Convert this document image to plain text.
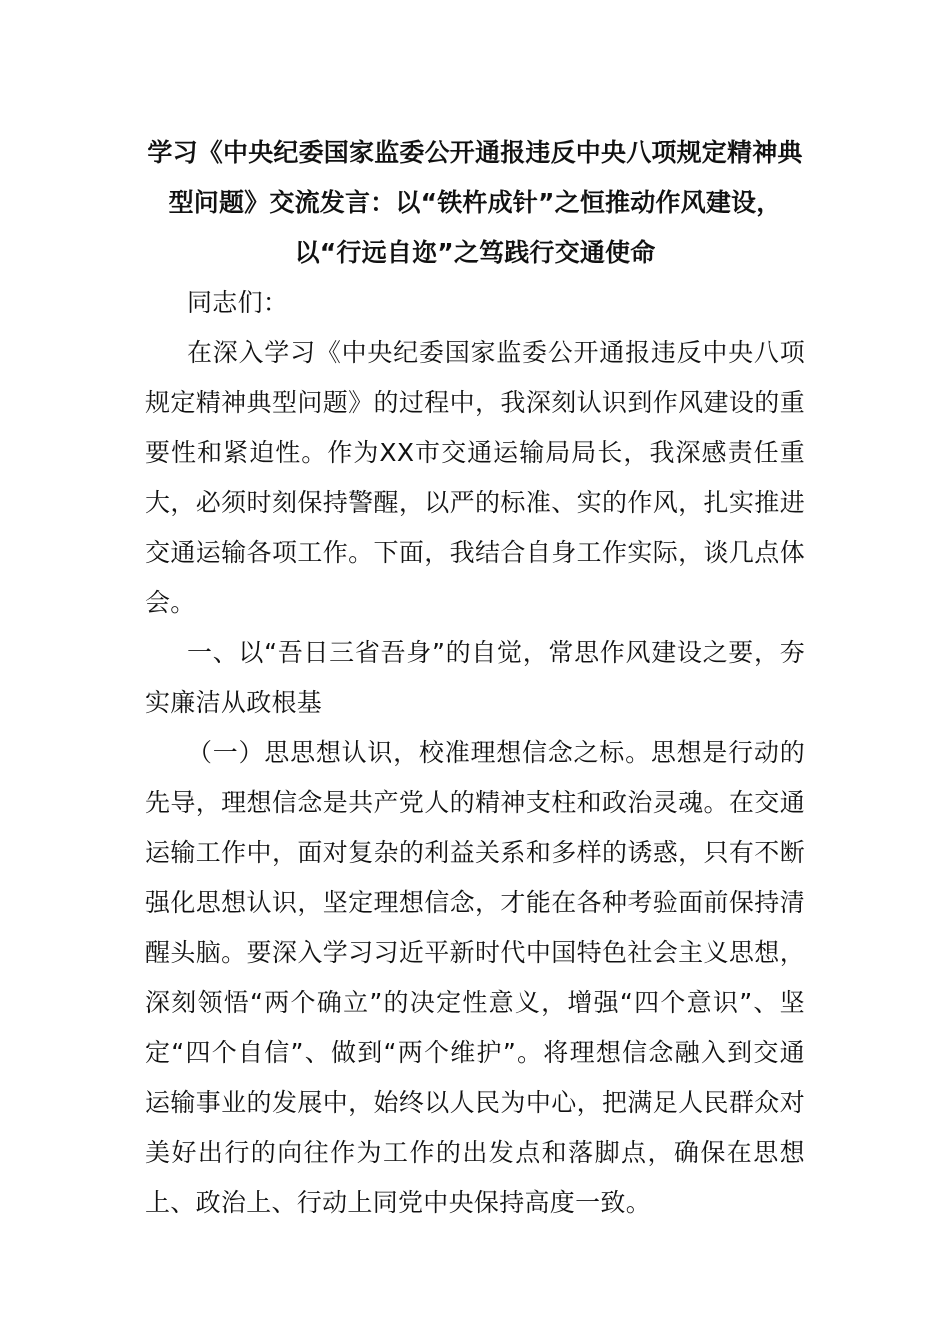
学习《中央纪委国家监委公开通报违反中央八项规定精神典型问题》交流发言：以“铁杵成针”之恒推动作风建设，以“行远自迩”之笃践行交通使命

同志们：

在深入学习《中央纪委国家监委公开通报违反中央八项规定精神典型问题》的过程中，我深刻认识到作风建设的重要性和紧迫性。作为XX市交通运输局局长，我深感责任重大，必须时刻保持警醒，以严的标准、实的作风，扎实推进交通运输各项工作。下面，我结合自身工作实际，谈几点体会。

一、以“吾日三省吾身”的自觉，常思作风建设之要，夯实廉洁从政根基

（一）思思想认识，校准理想信念之标。思想是行动的先导，理想信念是共产党人的精神支柱和政治灵魂。在交通运输工作中，面对复杂的利益关系和多样的诱惑，只有不断强化思想认识，坚定理想信念，才能在各种考验面前保持清醒头脑。要深入学习习近平新时代中国特色社会主义思想，深刻领悟“两个确立”的决定性意义，增强“四个意识”、坚定“四个自信”、做到“两个维护”。将理想信念融入到交通运输事业的发展中，始终以人民为中心，把满足人民群众对美好出行的向往作为工作的出发点和落脚点，确保在思想上、政治上、行动上同党中央保持高度一致。
